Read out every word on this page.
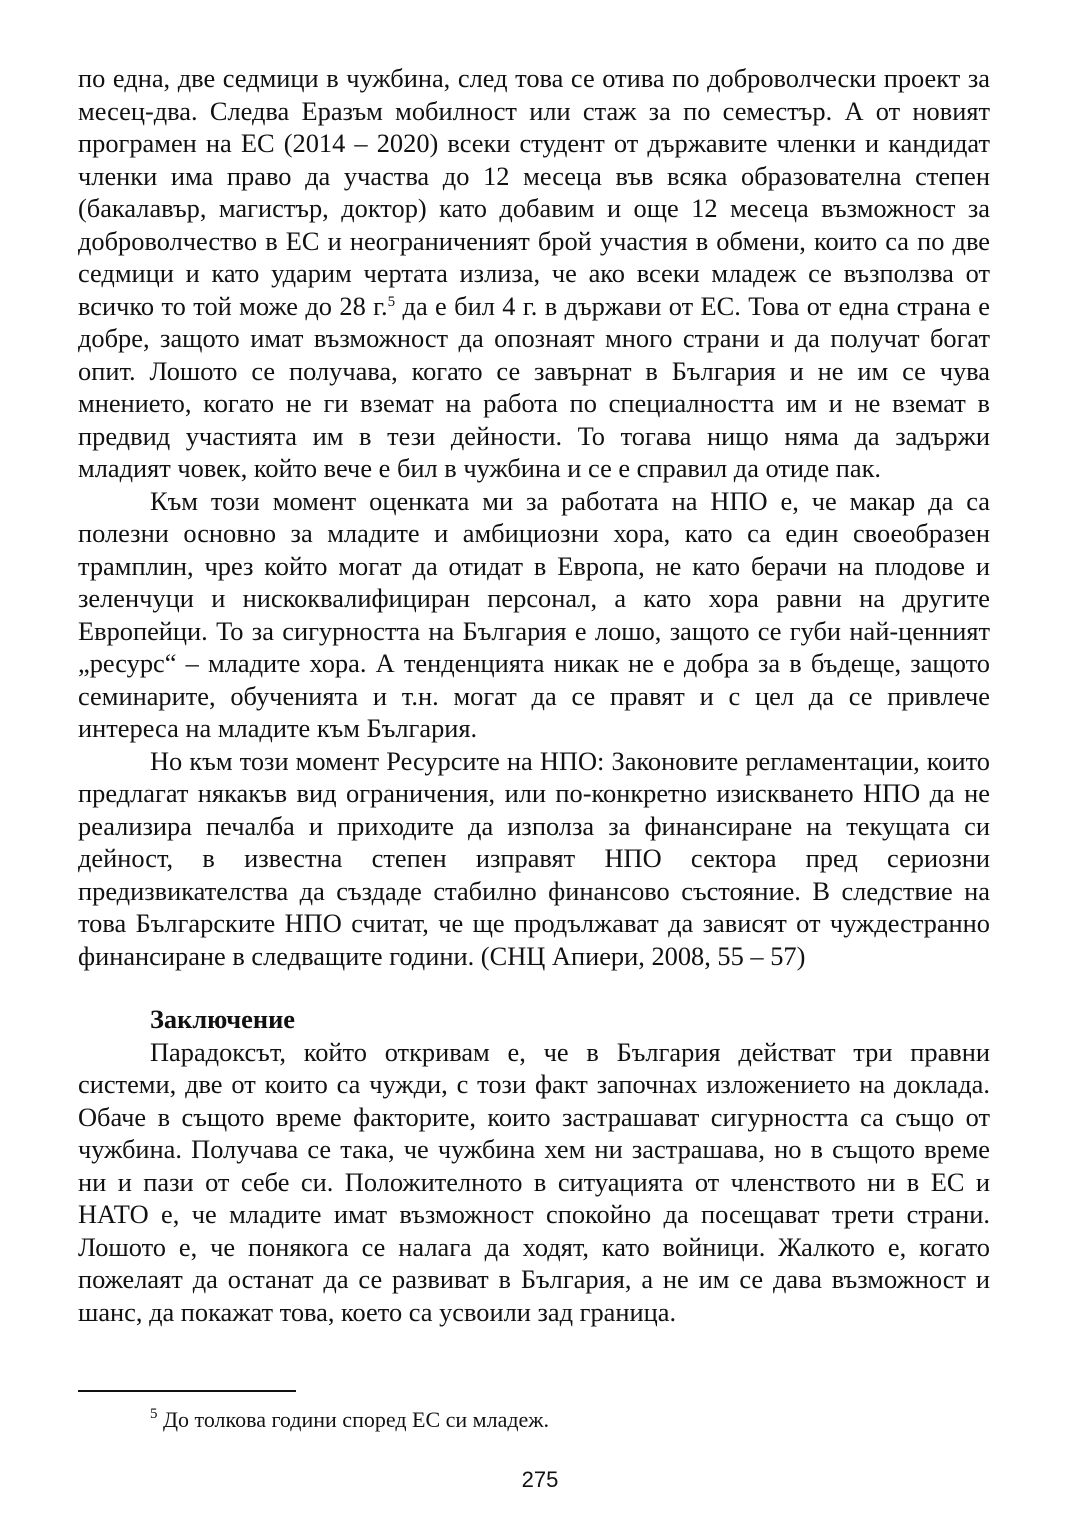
по една, две седмици в чужбина, след това се отива по доброволчески проект за месец-два. Следва Еразъм мобилност или стаж за по семестър. А от новият програмен на ЕС (2014 – 2020) всеки студент от държавите членки и кандидат членки има право да участва до 12 месеца във всяка образователна степен (бакалавър, магистър, доктор) като добавим и още 12 месеца възможност за доброволчество в ЕС и неограниченият брой участия в обмени, които са по две седмици и като ударим чертата излиза, че ако всеки младеж се възползва от всичко то той може до 28 г.$^5$ да е бил 4 г. в държави от ЕС. Това от една страна е добре, защото имат възможност да опознаят много страни и да получат богат опит. Лошото се получава, когато се завърнат в България и не им се чува мнението, когато не ги вземат на работа по специалността им и не вземат в предвид участията им в тези дейности. То тогава нищо няма да задържи младият човек, който вече е бил в чужбина и се е справил да отиде пак.

Към този момент оценката ми за работата на НПО е, че макар да са полезни основно за младите и амбициозни хора, като са един своеобразен трамплин, чрез който могат да отидат в Европа, не като берачи на плодове и зеленчуци и нискоквалифициран персонал, а като хора равни на другите Европейци. То за сигурността на България е лошо, защото се губи най-ценният „ресурс“ – младите хора. А тенденцията никак не е добра за в бъдеще, защото семинарите, обученията и т.н. могат да се правят и с цел да се привлече интереса на младите към България.

Но към този момент Ресурсите на НПО: Законовите регламентации, които предлагат някакъв вид ограничения, или по-конкретно изискването НПО да не реализира печалба и приходите да използа за финансиране на текущата си дейност, в известна степен изправят НПО сектора пред сериозни предизвикателства да създаде стабилно финансово състояние. В следствие на това Българските НПО считат, че ще продължават да зависят от чуждестранно финансиране в следващите години. (СНЦ Апиери, 2008, 55 – 57)

Заключение

Парадоксът, който откривам е, че в България действат три правни системи, две от които са чужди, с този факт започнах изложението на доклада. Обаче в същото време факторите, които застрашават сигурността са също от чужбина. Получава се така, че чужбина хем ни застрашава, но в същото време ни и пази от себе си. Положителното в ситуацията от членството ни в ЕС и НАТО е, че младите имат възможност спокойно да посещават трети страни. Лошото е, че понякога се налага да ходят, като войници. Жалкото е, когато пожелаят да останат да се развиват в България, а не им се дава възможност и шанс, да покажат това, което са усвоили зад граница.

$^5$ До толкова години според ЕС си младеж.
275
